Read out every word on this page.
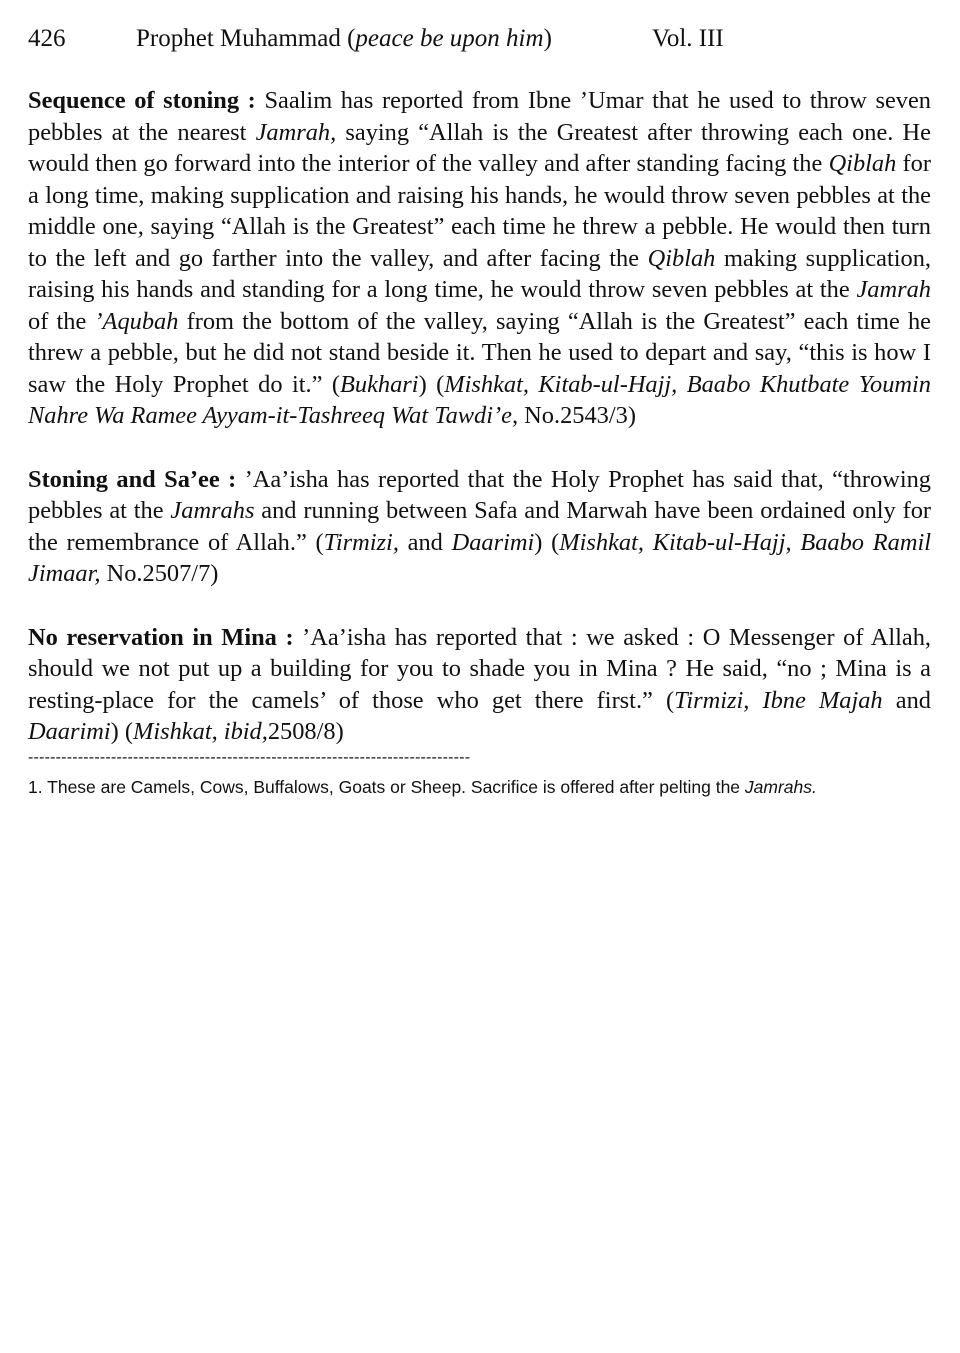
426	Prophet Muhammad (peace be upon him)	Vol. III

Sequence of stoning : Saalim has reported from Ibne ’Umar that he used to throw seven pebbles at the nearest Jamrah, saying “Allah is the Greatest after throwing each one. He would then go forward into the interior of the valley and after standing facing the Qiblah for a long time, making supplication and raising his hands, he would throw seven pebbles at the middle one, saying “Allah is the Greatest” each time he threw a pebble. He would then turn to the left and go farther into the valley, and after facing the Qiblah making supplication, raising his hands and standing for a long time, he would throw seven pebbles at the Jamrah of the ’Aqubah from the bottom of the valley, saying “Allah is the Greatest” each time he threw a pebble, but he did not stand beside it. Then he used to depart and say, “this is how I saw the Holy Prophet do it.” (Bukhari) (Mishkat, Kitab-ul-Hajj, Baabo Khutbate Youmin Nahre Wa Ramee Ayyam-it-Tashreeq Wat Tawdi’e, No.2543/3)

Stoning and Sa’ee : ’Aa’isha has reported that the Holy Prophet has said that, “throwing pebbles at the Jamrahs and running between Safa and Marwah have been ordained only for the remembrance of Allah.” (Tirmizi, and Daarimi) (Mishkat, Kitab-ul-Hajj, Baabo Ramil Jimaar, No.2507/7)

No reservation in Mina : ’Aa’isha has reported that : we asked : O Messenger of Allah, should we not put up a building for you to shade you in Mina ? He said, “no ; Mina is a resting-place for the camels’ of those who get there first.” (Tirmizi, Ibne Majah and Daarimi) (Mishkat, ibid,2508/8)

--------------------------------------------------------------------------------
1. These are Camels, Cows, Buffalows, Goats or Sheep. Sacrifice is offered after pelting the Jamrahs.
